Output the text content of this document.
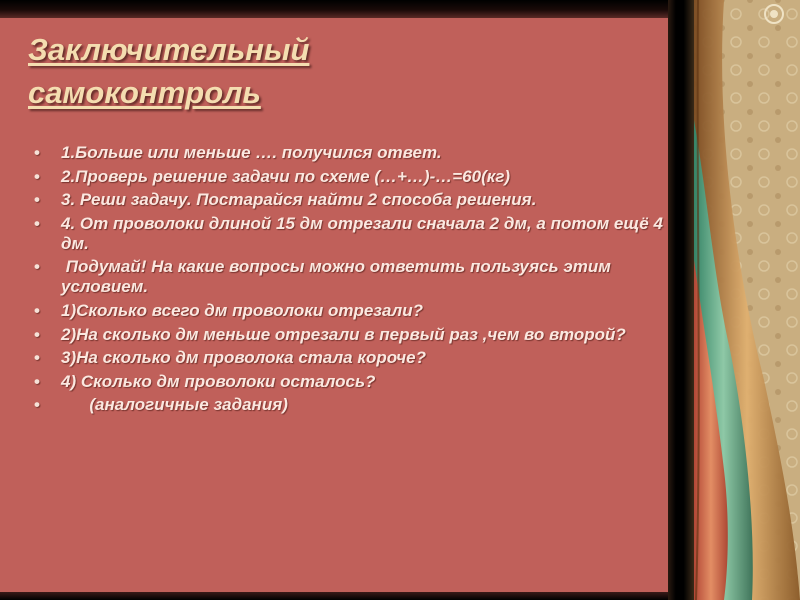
Заключительный
самоконтроль
• 1.Больше или меньше …. получился ответ.
• 2.Проверь решение задачи по схеме (…+…)-…=60(кг)
• 3. Реши задачу. Постарайся найти 2 способа решения.
• 4. От проволоки длиной 15 дм отрезали сначала 2 дм, а потом ещё 4 дм.
• Подумай! На какие вопросы можно ответить пользуясь этим условием.
• 1)Сколько всего дм проволоки отрезали?
• 2)На сколько дм меньше отрезали в первый раз ,чем во второй?
• 3)На сколько дм проволока стала короче?
• 4) Сколько дм проволоки осталось?
• (аналогичные задания)
